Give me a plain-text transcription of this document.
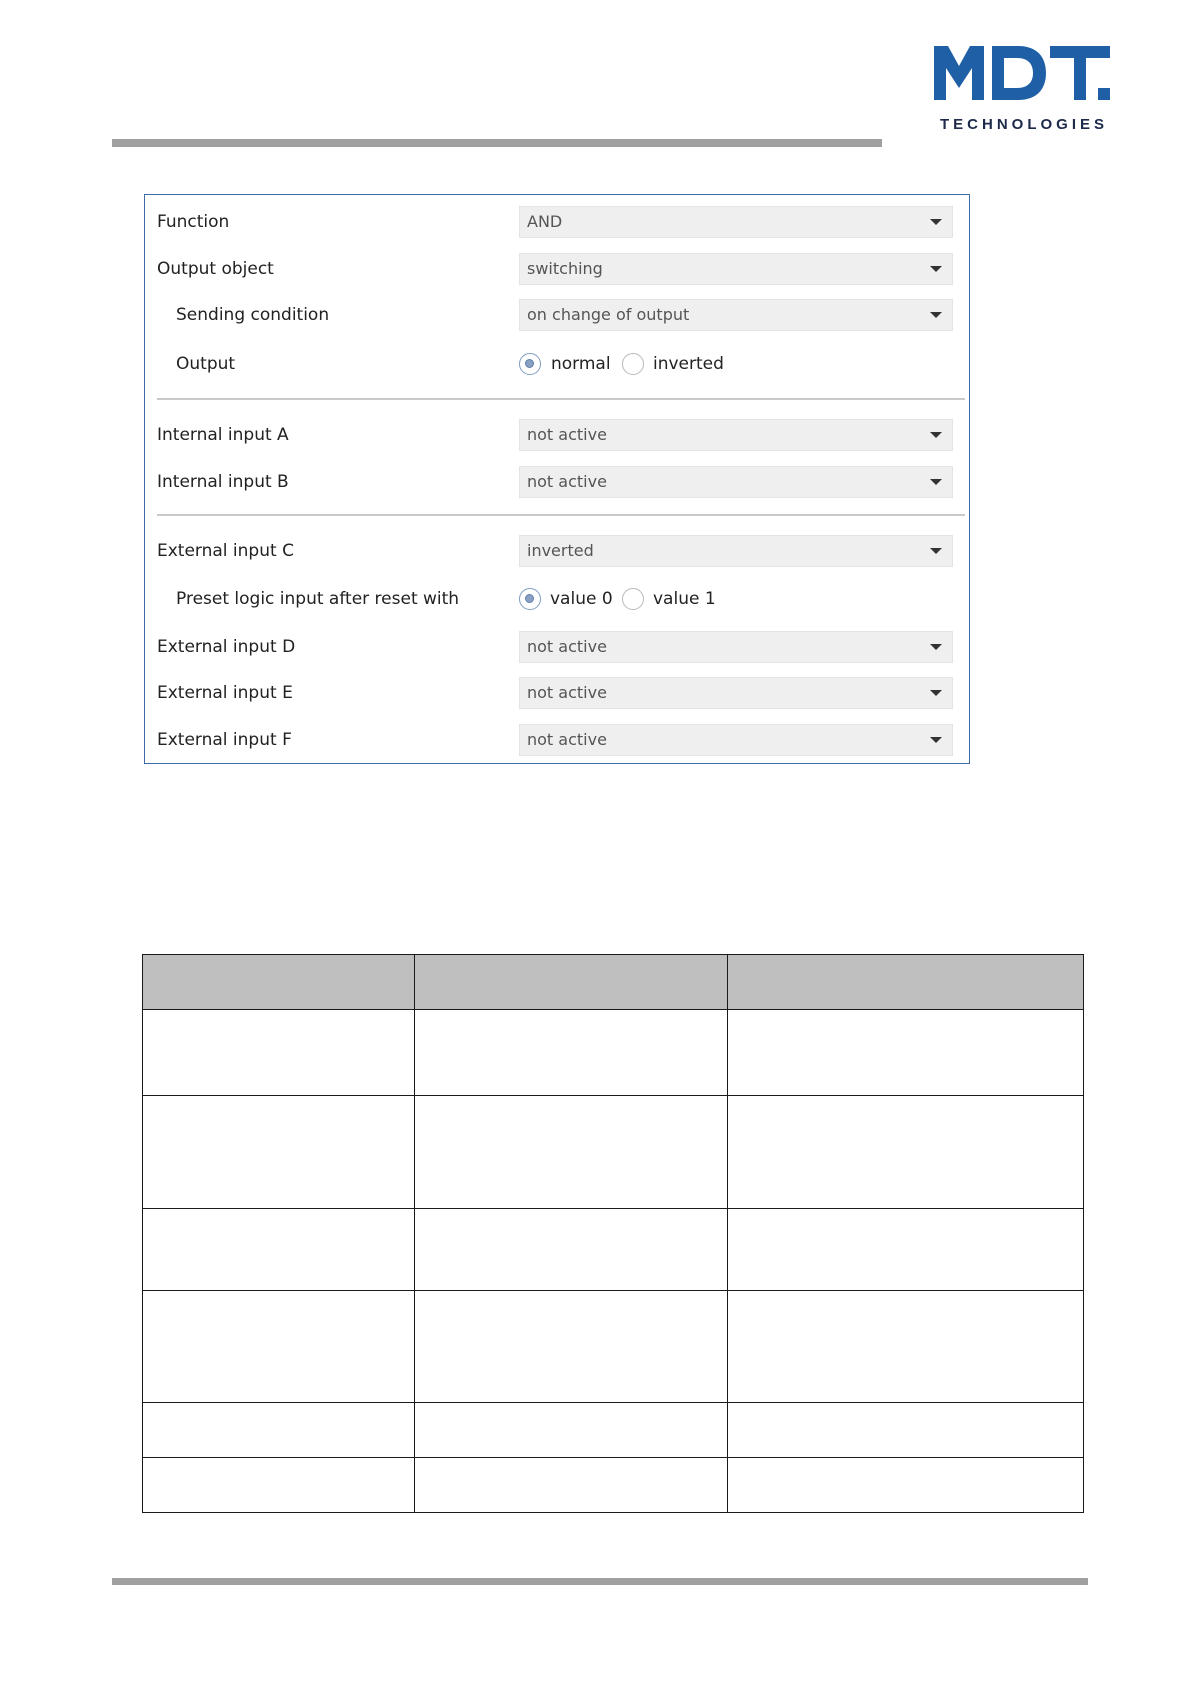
TECHNOLOGIES
Function	AND
Output object	switching
Sending condition	on change of output
Output	normal inverted
Internal input A	not active
Internal input B	not active
External input C	inverted
Preset logic input after reset with	value 0 value 1
External input D	not active
External input E	not active
External input F	not active
